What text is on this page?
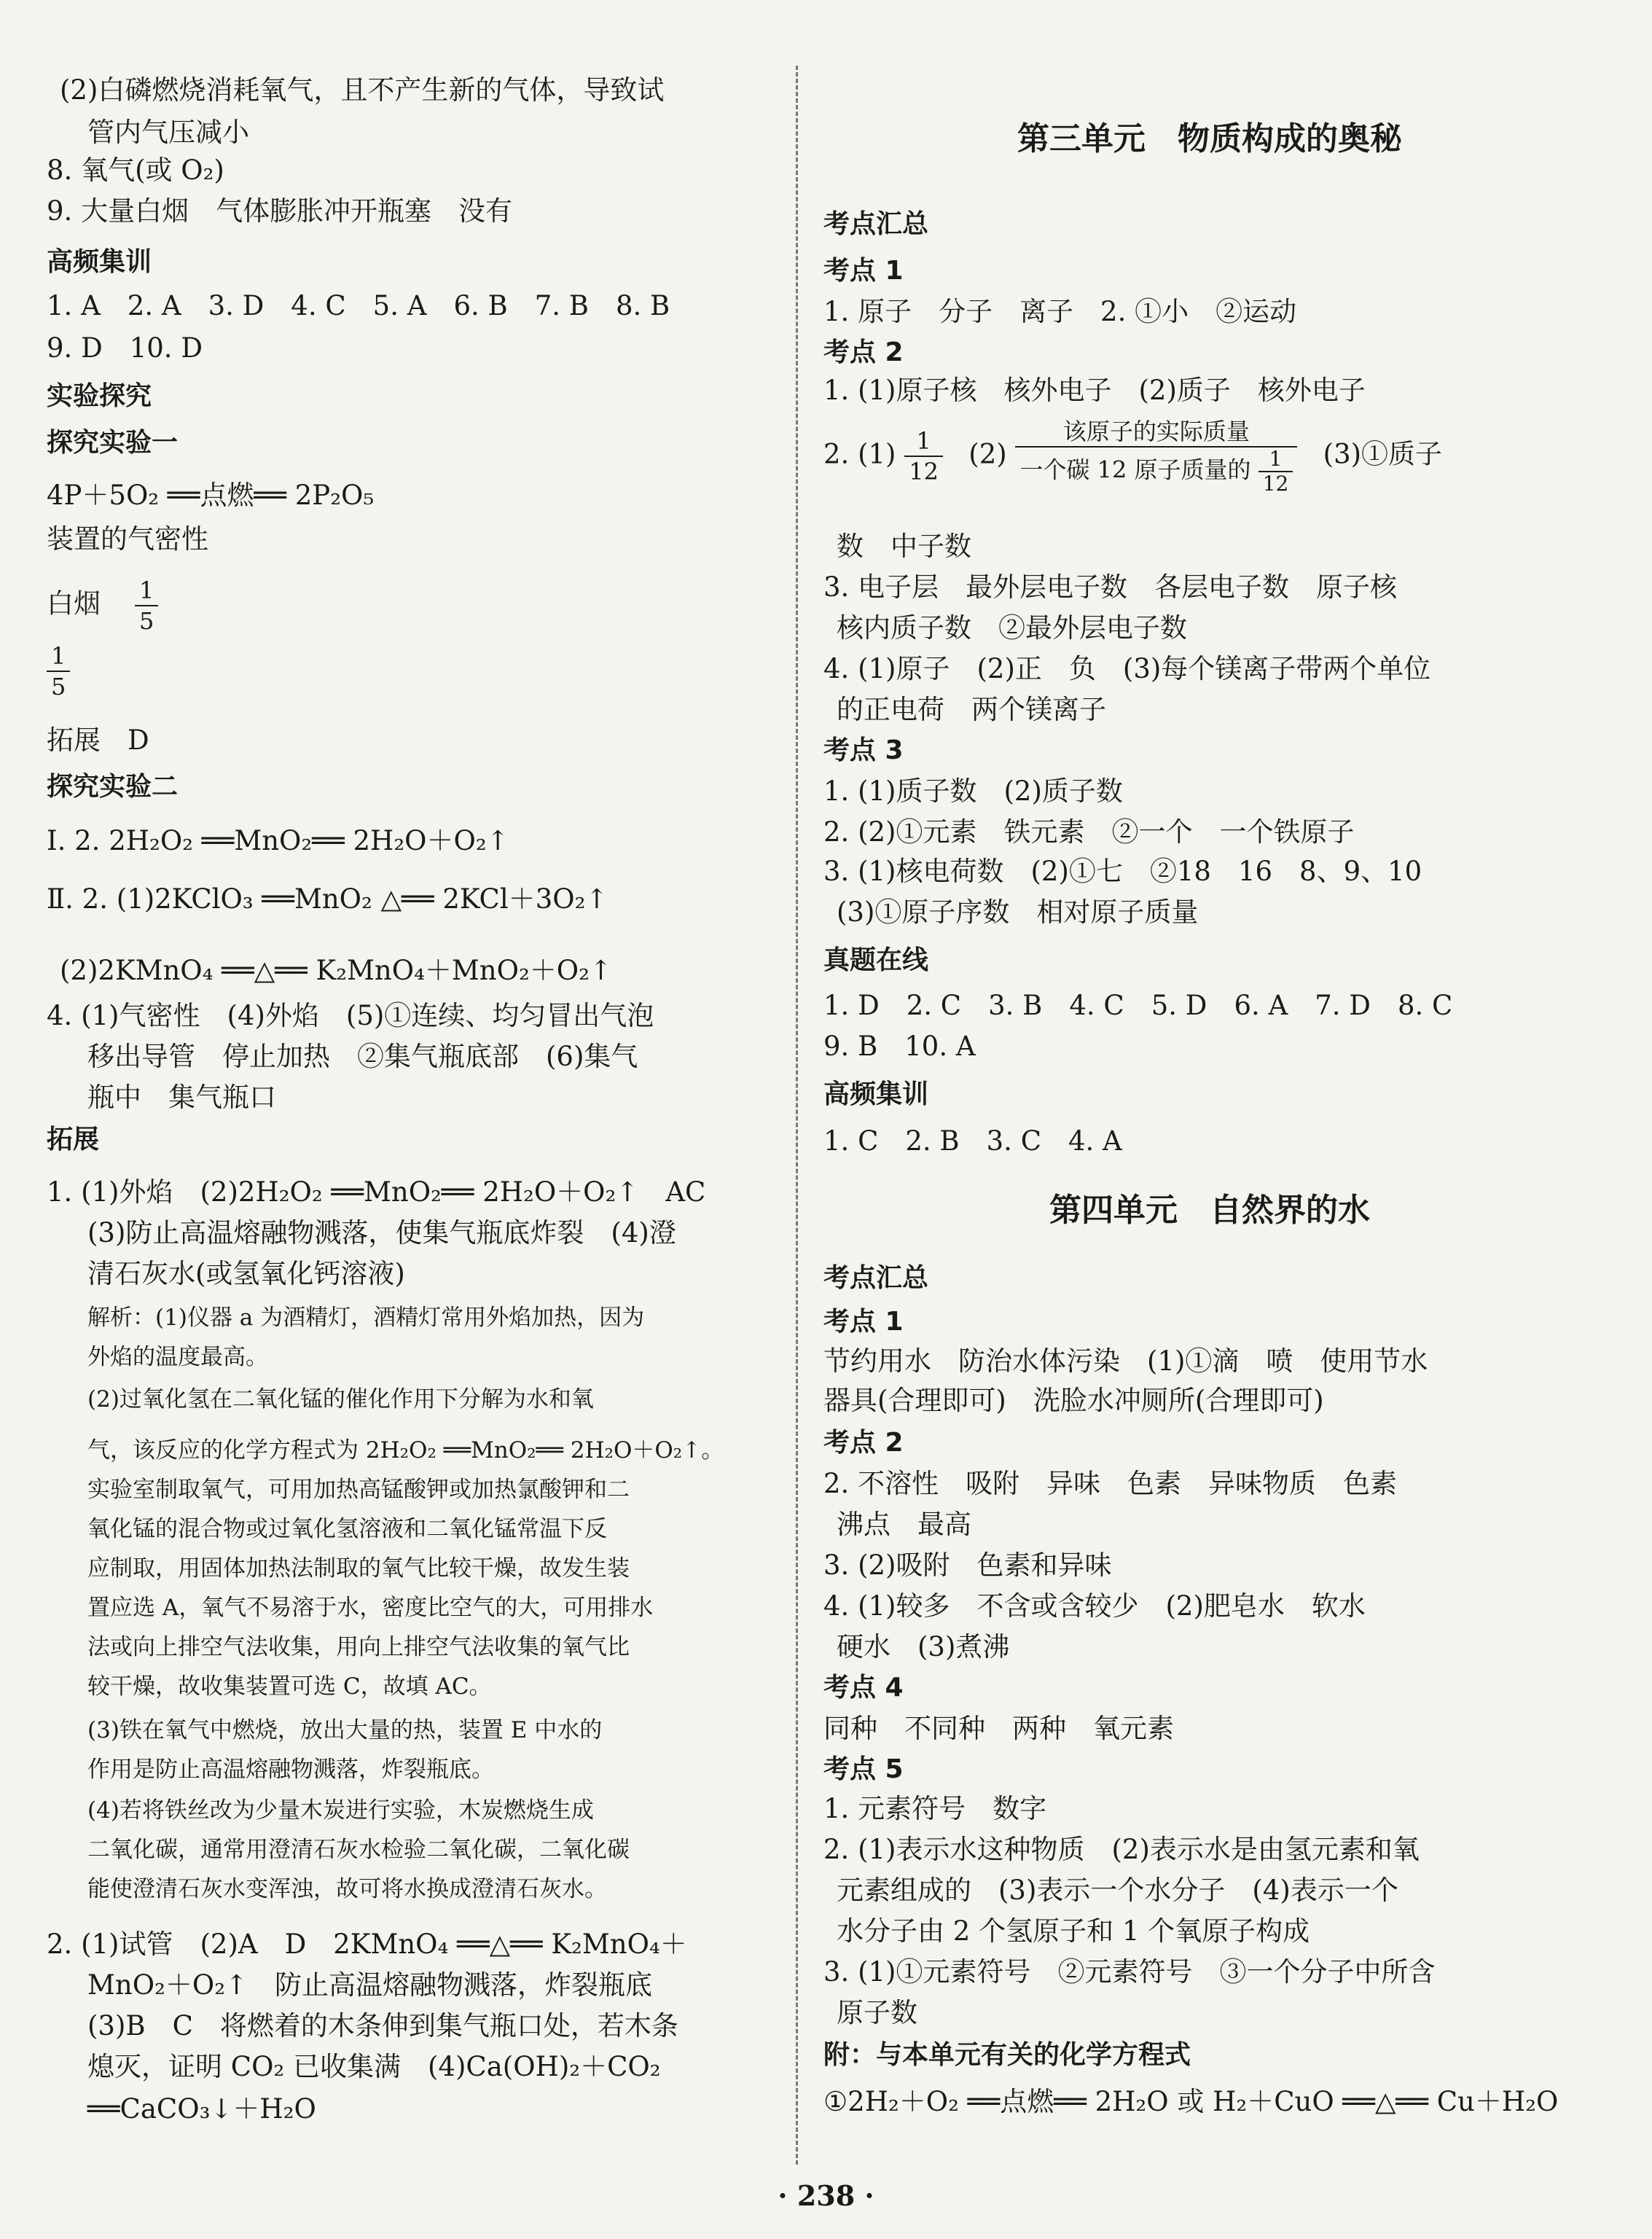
(2)白磷燃烧消耗氧气，且不产生新的气体，导致试
管内气压减小
8. 氧气(或 O₂)
9. 大量白烟　气体膨胀冲开瓶塞　没有
高频集训
1. A　2. A　3. D　4. C　5. A　6. B　7. B　8. B
9. D　10. D
实验探究
探究实验一
4P＋5O₂ ══点燃══ 2P₂O₅
装置的气密性
白烟 $\frac{1}{5}$
$\frac{1}{5}$
拓展　D
探究实验二
Ⅰ. 2. 2H₂O₂ ══MnO₂══ 2H₂O＋O₂↑
Ⅱ. 2. (1)2KClO₃ ══MnO₂ △══ 2KCl＋3O₂↑
(2)2KMnO₄ ══△══ K₂MnO₄＋MnO₂＋O₂↑
4. (1)气密性　(4)外焰　(5)①连续、均匀冒出气泡
移出导管　停止加热　②集气瓶底部　(6)集气
瓶中　集气瓶口
拓展
1. (1)外焰　(2)2H₂O₂ ══MnO₂══ 2H₂O＋O₂↑　AC
(3)防止高温熔融物溅落，使集气瓶底炸裂　(4)澄
清石灰水(或氢氧化钙溶液)
解析：(1)仪器 a 为酒精灯，酒精灯常用外焰加热，因为
外焰的温度最高。
(2)过氧化氢在二氧化锰的催化作用下分解为水和氧
气，该反应的化学方程式为 2H₂O₂ ══MnO₂══ 2H₂O＋O₂↑。
实验室制取氧气，可用加热高锰酸钾或加热氯酸钾和二
氧化锰的混合物或过氧化氢溶液和二氧化锰常温下反
应制取，用固体加热法制取的氧气比较干燥，故发生装
置应选 A，氧气不易溶于水，密度比空气的大，可用排水
法或向上排空气法收集，用向上排空气法收集的氧气比
较干燥，故收集装置可选 C，故填 AC。
(3)铁在氧气中燃烧，放出大量的热，装置 E 中水的
作用是防止高温熔融物溅落，炸裂瓶底。
(4)若将铁丝改为少量木炭进行实验，木炭燃烧生成
二氧化碳，通常用澄清石灰水检验二氧化碳，二氧化碳
能使澄清石灰水变浑浊，故可将水换成澄清石灰水。
2. (1)试管　(2)A　D　2KMnO₄ ══△══ K₂MnO₄＋
MnO₂＋O₂↑　防止高温熔融物溅落，炸裂瓶底
(3)B　C　将燃着的木条伸到集气瓶口处，若木条
熄灭，证明 CO₂ 已收集满　(4)Ca(OH)₂＋CO₂
══CaCO₃↓＋H₂O
第三单元　物质构成的奥秘
考点汇总
考点 1
1. 原子　分子　离子　2. ①小　②运动
考点 2
1. (1)原子核　核外电子　(2)质子　核外电子
2. $(1) \frac{1}{12} (2) \frac{\text{该原子的实际质量}}{一个碳 12 原子质量的 \frac{1}{12}}$ (3)①质子
数　中子数
3. 电子层　最外层电子数　各层电子数　原子核
核内质子数　②最外层电子数
4. (1)原子　(2)正　负　(3)每个镁离子带两个单位
的正电荷　两个镁离子
考点 3
1. (1)质子数　(2)质子数
2. (2)①元素　铁元素　②一个　一个铁原子
3. (1)核电荷数　(2)①七　②18　16　8、9、10
(3)①原子序数　相对原子质量
真题在线
1. D　2. C　3. B　4. C　5. D　6. A　7. D　8. C
9. B　10. A
高频集训
1. C　2. B　3. C　4. A
第四单元　自然界的水
考点汇总
考点 1
节约用水　防治水体污染　(1)①滴　喷　使用节水
器具(合理即可)　洗脸水冲厕所(合理即可)
考点 2
2. 不溶性　吸附　异味　色素　异味物质　色素
沸点　最高
3. (2)吸附　色素和异味
4. (1)较多　不含或含较少　(2)肥皂水　软水
硬水　(3)煮沸
考点 4
同种　不同种　两种　氧元素
考点 5
1. 元素符号　数字
2. (1)表示水这种物质　(2)表示水是由氢元素和氧
元素组成的　(3)表示一个水分子　(4)表示一个
水分子由 2 个氢原子和 1 个氧原子构成
3. (1)①元素符号　②元素符号　③一个分子中所含
原子数
附：与本单元有关的化学方程式
①2H₂＋O₂ ══点燃══ 2H₂O 或 H₂＋CuO ══△══ Cu＋H₂O
· 238 ·
